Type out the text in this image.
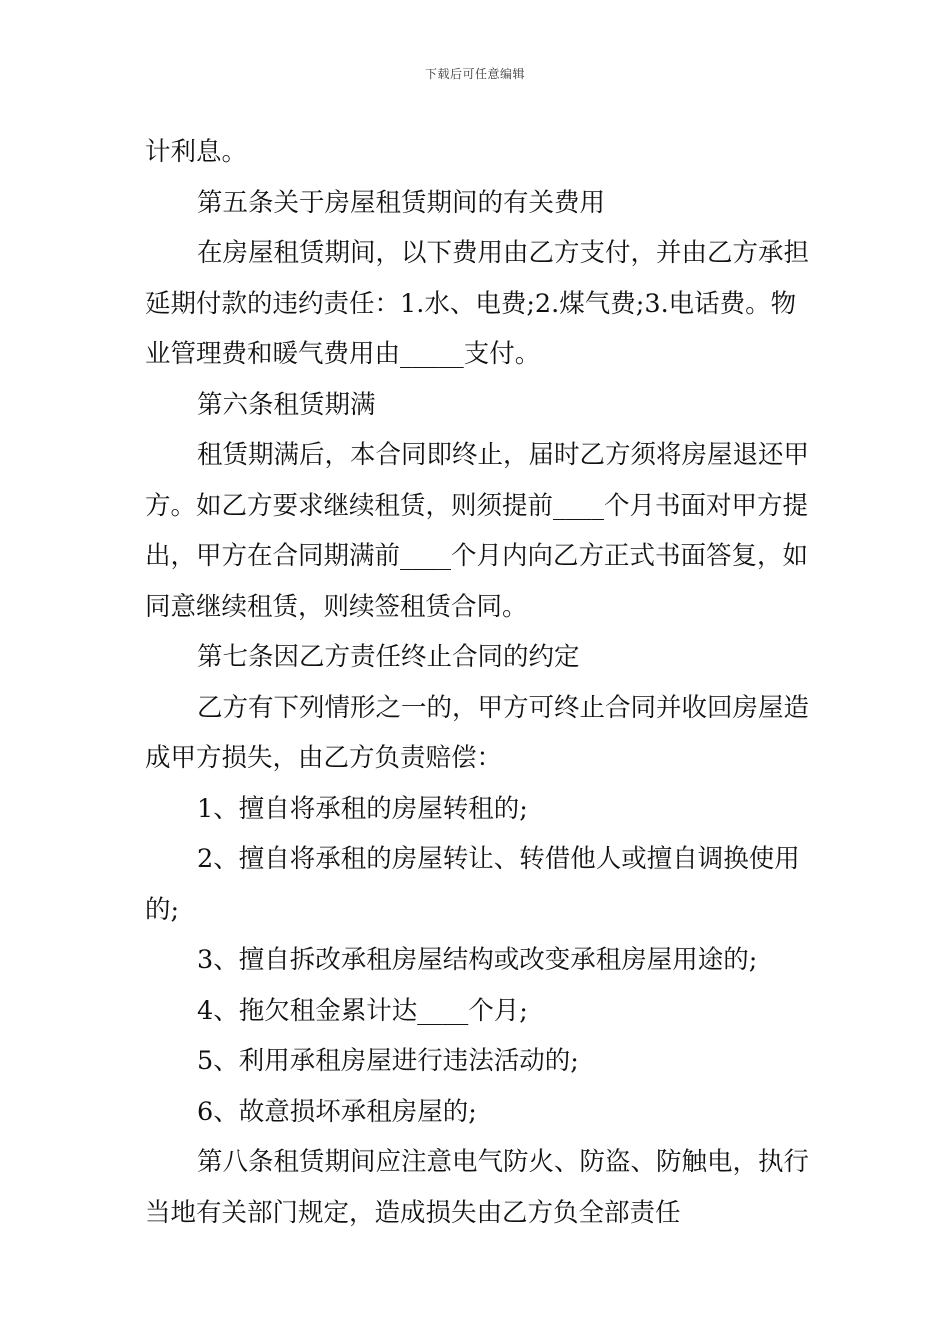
下载后可任意编辑

计利息。

第五条关于房屋租赁期间的有关费用

在房屋租赁期间，以下费用由乙方支付，并由乙方承担延期付款的违约责任：1.水、电费;2.煤气费;3.电话费。物业管理费和暖气费用由_____支付。

第六条租赁期满

租赁期满后，本合同即终止，届时乙方须将房屋退还甲方。如乙方要求继续租赁，则须提前____个月书面对甲方提出，甲方在合同期满前____个月内向乙方正式书面答复，如同意继续租赁，则续签租赁合同。

第七条因乙方责任终止合同的约定

乙方有下列情形之一的，甲方可终止合同并收回房屋造成甲方损失，由乙方负责赔偿：

1、擅自将承租的房屋转租的;

2、擅自将承租的房屋转让、转借他人或擅自调换使用的;

3、擅自拆改承租房屋结构或改变承租房屋用途的;

4、拖欠租金累计达____个月;

5、利用承租房屋进行违法活动的;

6、故意损坏承租房屋的;

第八条租赁期间应注意电气防火、防盗、防触电，执行当地有关部门规定，造成损失由乙方负全部责任
